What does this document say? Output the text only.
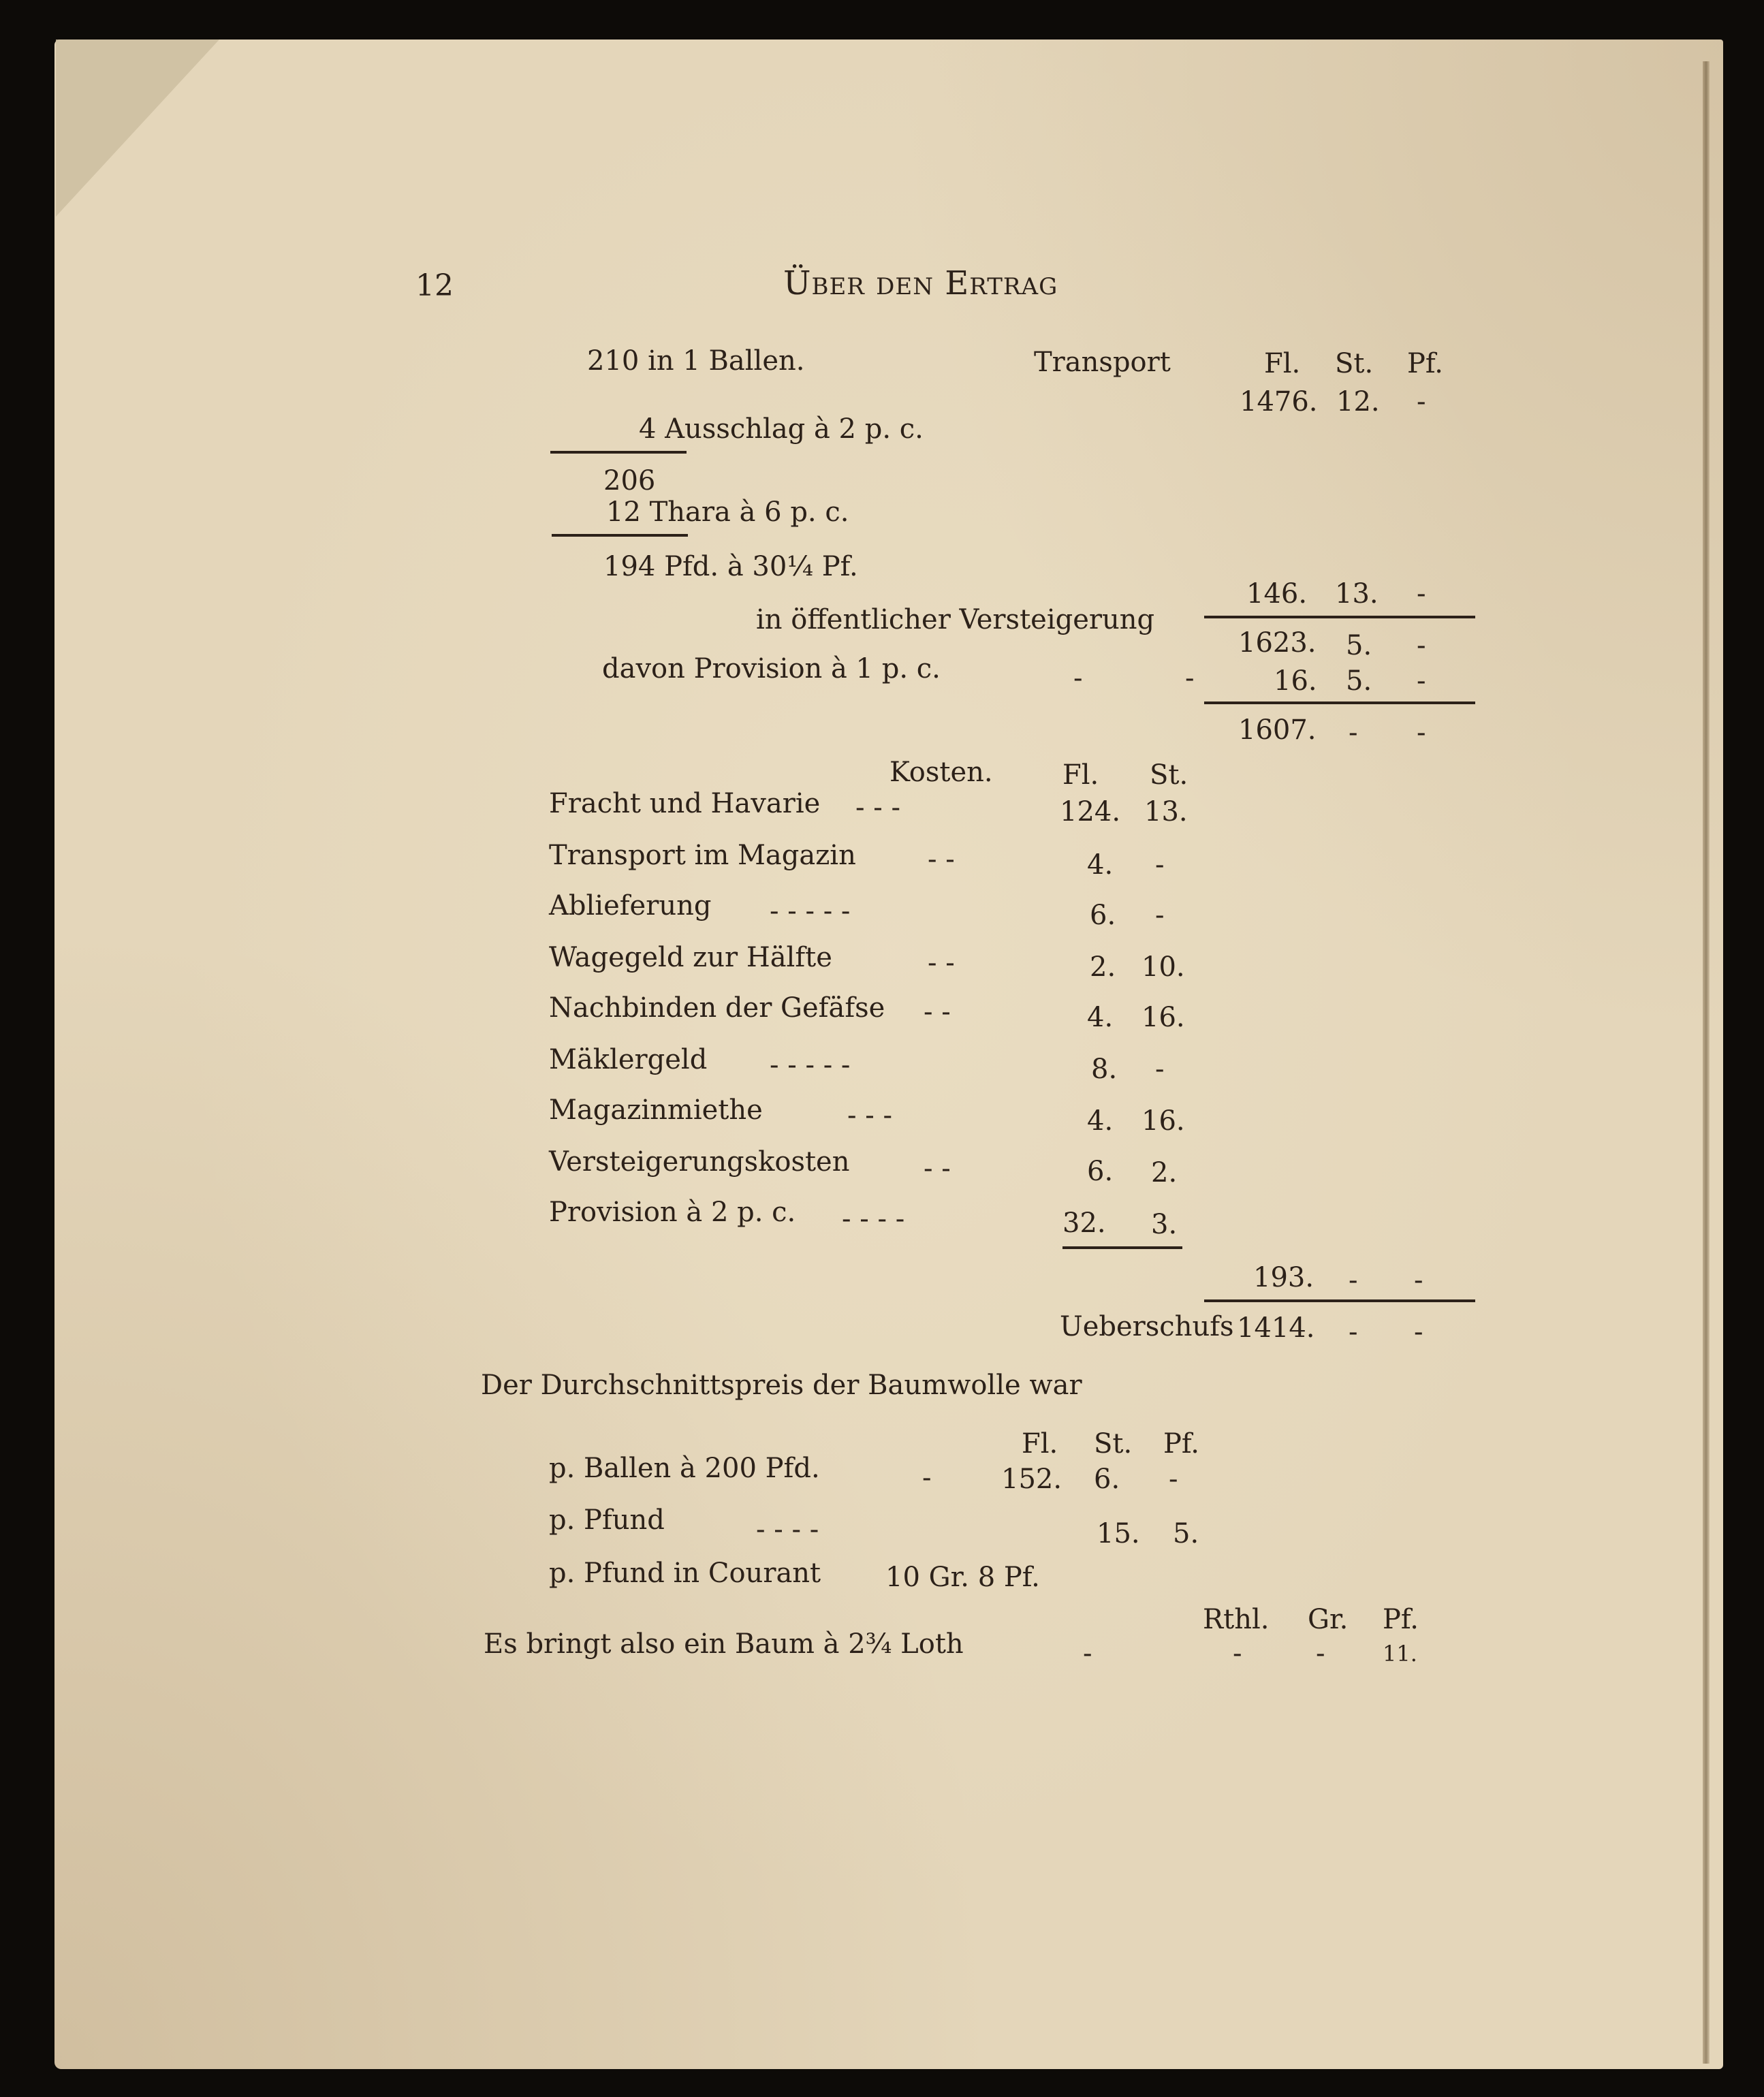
12	Über den Ertrag
210 in 1 Ballen.	Transport	Fl. St. Pf.
1476. 12. -
4 Ausschlag à 2 p. c.
206
12 Thara à 6 p. c.
194 Pfd. à 30¼ Pf.
146. 13. -
in öffentlicher Versteigerung
1623. 5. -
davon Provision à 1 p. c.	-	-	16. 5. -
1607. - -
Kosten.	Fl. St.
Fracht und Havarie - - -	124. 13.
Transport im Magazin	- -	4. -
Ablieferung - - - - -	6. -
Wagegeld zur Hälfte	- -	2. 10.
Nachbinden der Gefäfse - -	4. 16.
Mäklergeld - - - - -	8. -
Magazinmiethe	- - -	4. 16.
Versteigerungskosten	- -	6. 2.
Provision à 2 p. c. - - - -	32. 3.
193. - -
Ueberschufs 1414. - -
Der Durchschnittspreis der Baumwolle war
Fl. St. Pf.
p. Ballen à 200 Pfd.	-	152. 6. -
p. Pfund	- - - -	15. 5.
p. Pfund in Courant 10 Gr. 8 Pf.
Rthl. Gr. Pf.
Es bringt also ein Baum à 2¾ Loth	-	-	-	11.
